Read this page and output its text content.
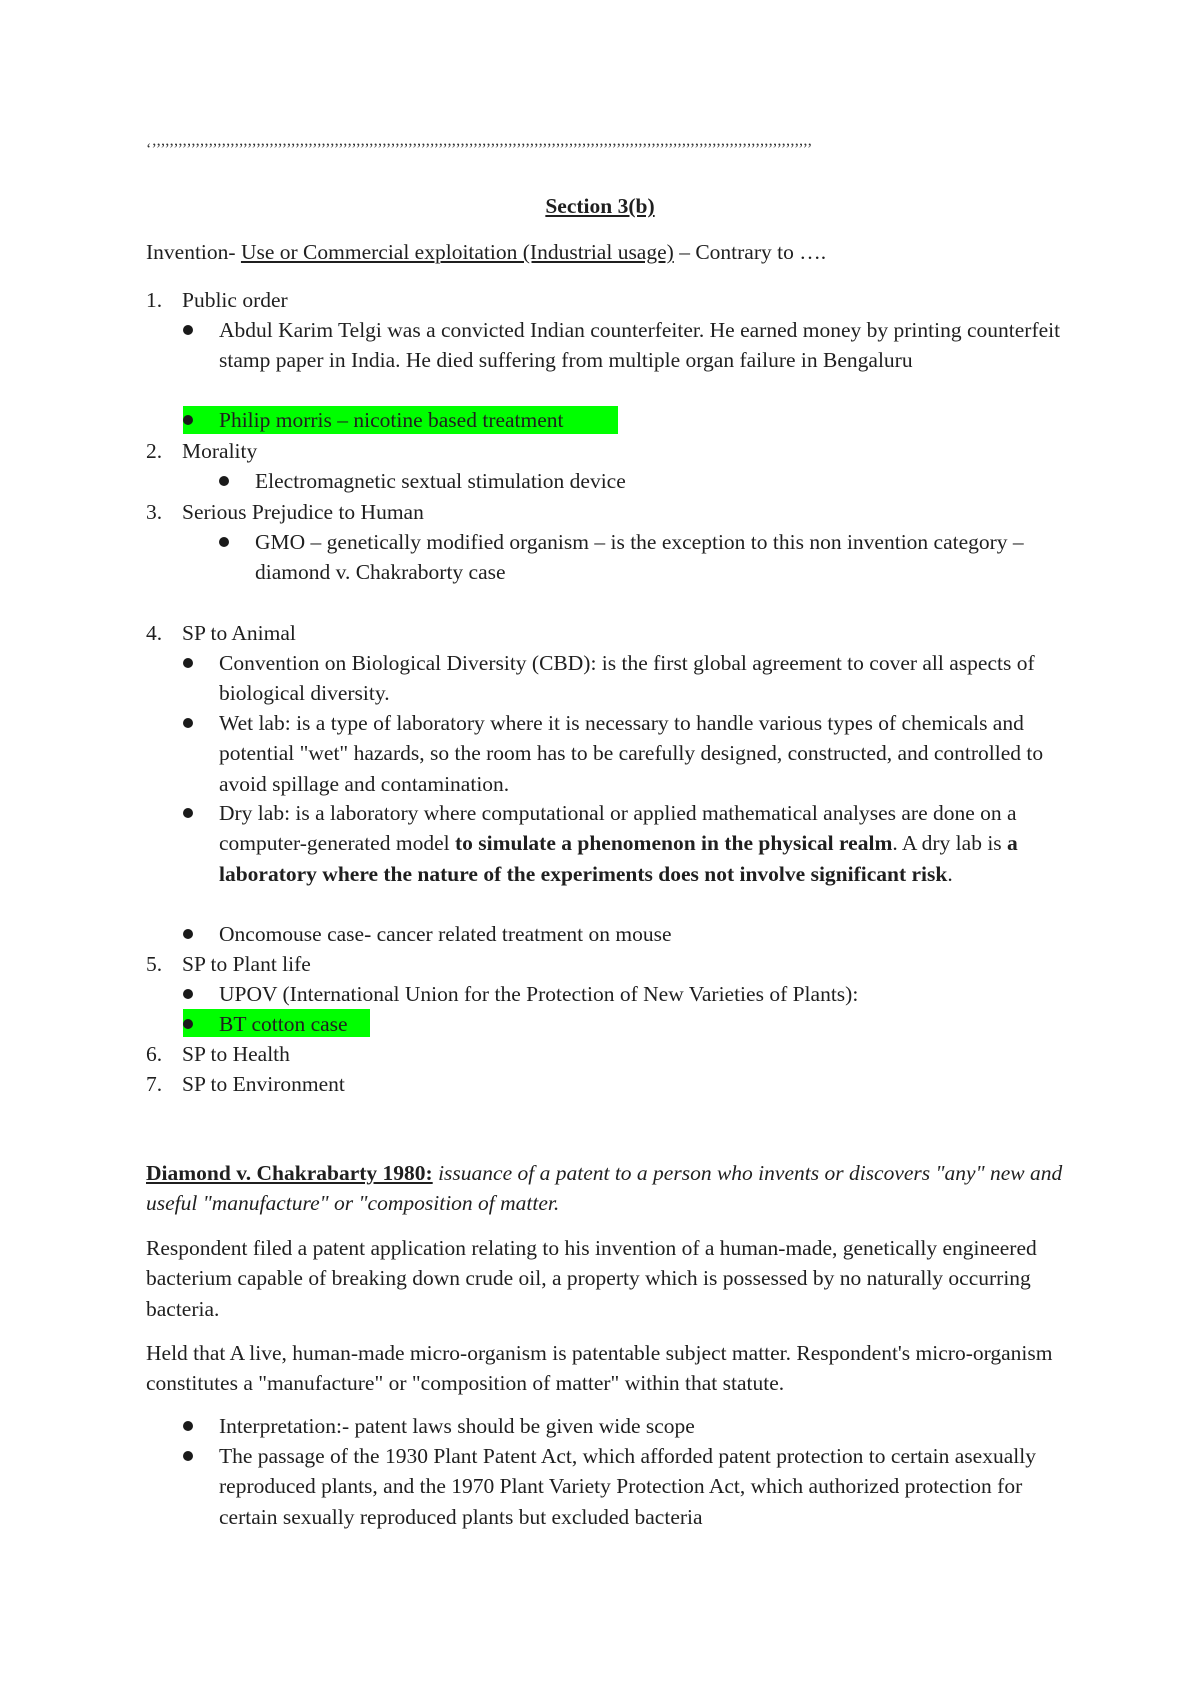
‘’’’’’’’’’’’’’’’’’’’’’’’’’’’’’’’’’’’’’’’’’’’’’’’’’’’’’’’’’’’’’’’’’’’’’’’’’’’’’’’’’’’’’’’’’’’’’’’’’’’’’’’’’’’’’’’’’’’’’’’’’’’’’’’’’’’’’’’’’’’’’’’’’’’’’’’’
Section 3(b)
Invention- Use or Commercial exploitation (Industrial usage) – Contrary to ….
1. Public order
Abdul Karim Telgi was a convicted Indian counterfeiter. He earned money by printing counterfeit stamp paper in India. He died suffering from multiple organ failure in Bengaluru
Philip morris – nicotine based treatment
2. Morality
Electromagnetic sextual stimulation device
3. Serious Prejudice to Human
GMO – genetically modified organism – is the exception to this non invention category – diamond v. Chakraborty case
4. SP to Animal
Convention on Biological Diversity (CBD): is the first global agreement to cover all aspects of biological diversity.
Wet lab: is a type of laboratory where it is necessary to handle various types of chemicals and potential "wet" hazards, so the room has to be carefully designed, constructed, and controlled to avoid spillage and contamination.
Dry lab: is a laboratory where computational or applied mathematical analyses are done on a computer-generated model to simulate a phenomenon in the physical realm. A dry lab is a laboratory where the nature of the experiments does not involve significant risk.
Oncomouse case- cancer related treatment on mouse
5. SP to Plant life
UPOV (International Union for the Protection of New Varieties of Plants):
BT cotton case
6. SP to Health
7. SP to Environment
Diamond v. Chakrabarty 1980: issuance of a patent to a person who invents or discovers "any" new and useful "manufacture" or "composition of matter.
Respondent filed a patent application relating to his invention of a human-made, genetically engineered bacterium capable of breaking down crude oil, a property which is possessed by no naturally occurring bacteria.
Held that A live, human-made micro-organism is patentable subject matter. Respondent's micro-organism constitutes a "manufacture" or "composition of matter" within that statute.
Interpretation:- patent laws should be given wide scope
The passage of the 1930 Plant Patent Act, which afforded patent protection to certain asexually reproduced plants, and the 1970 Plant Variety Protection Act, which authorized protection for certain sexually reproduced plants but excluded bacteria
